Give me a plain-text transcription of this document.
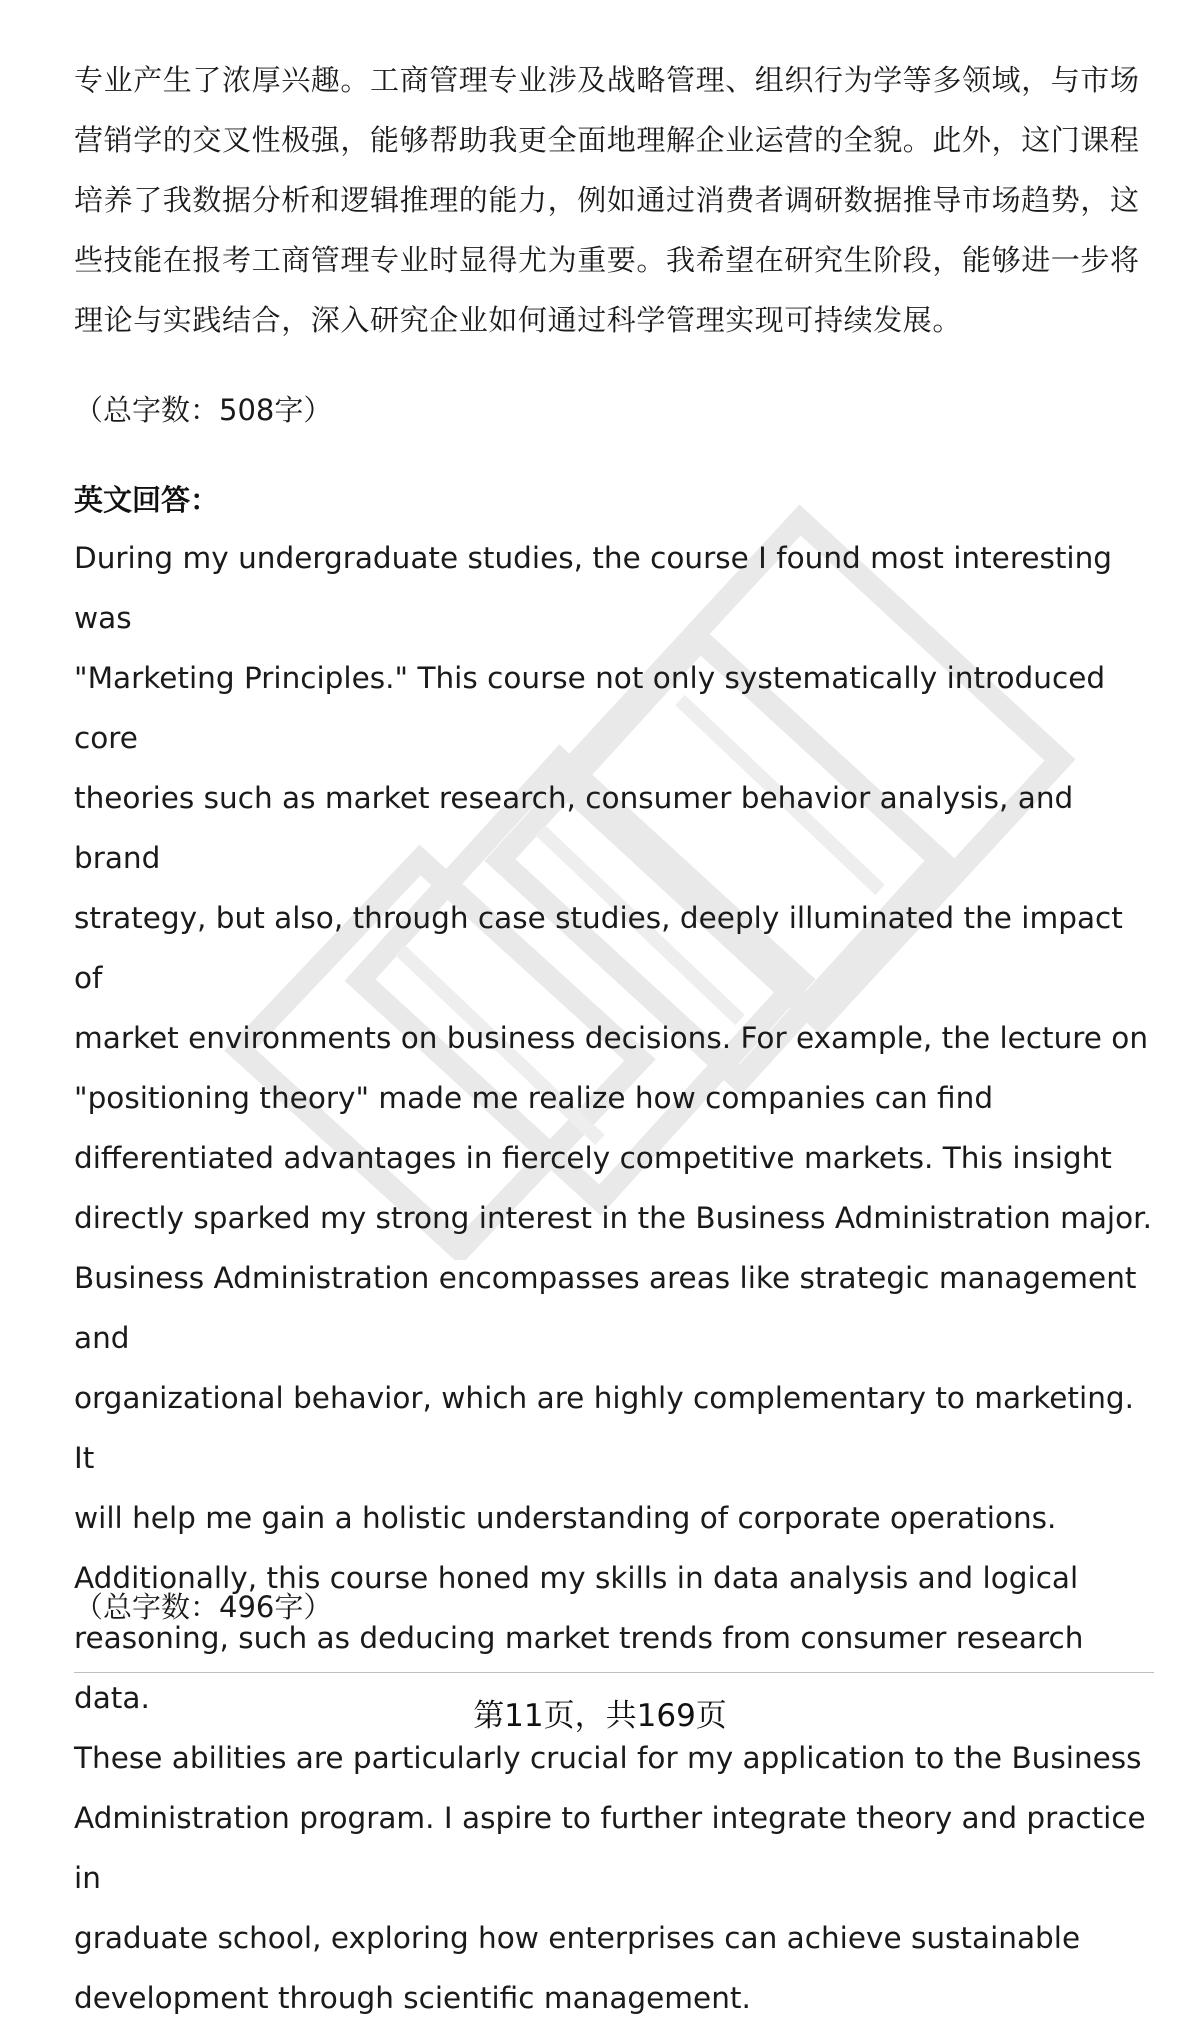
专业产生了浓厚兴趣。工商管理专业涉及战略管理、组织行为学等多领域，与市场
营销学的交叉性极强，能够帮助我更全面地理解企业运营的全貌。此外，这门课程
培养了我数据分析和逻辑推理的能力，例如通过消费者调研数据推导市场趋势，这
些技能在报考工商管理专业时显得尤为重要。我希望在研究生阶段，能够进一步将
理论与实践结合，深入研究企业如何通过科学管理实现可持续发展。
（总字数：508字）
英文回答：
During my undergraduate studies, the course I found most interesting was
"Marketing Principles." This course not only systematically introduced core
theories such as market research, consumer behavior analysis, and brand
strategy, but also, through case studies, deeply illuminated the impact of
market environments on business decisions. For example, the lecture on
"positioning theory" made me realize how companies can find
differentiated advantages in fiercely competitive markets. This insight
directly sparked my strong interest in the Business Administration major.
Business Administration encompasses areas like strategic management and
organizational behavior, which are highly complementary to marketing. It
will help me gain a holistic understanding of corporate operations.
Additionally, this course honed my skills in data analysis and logical
reasoning, such as deducing market trends from consumer research data.
These abilities are particularly crucial for my application to the Business
Administration program. I aspire to further integrate theory and practice in
graduate school, exploring how enterprises can achieve sustainable
development through scientific management.
（总字数：496字）
第11页，共169页
